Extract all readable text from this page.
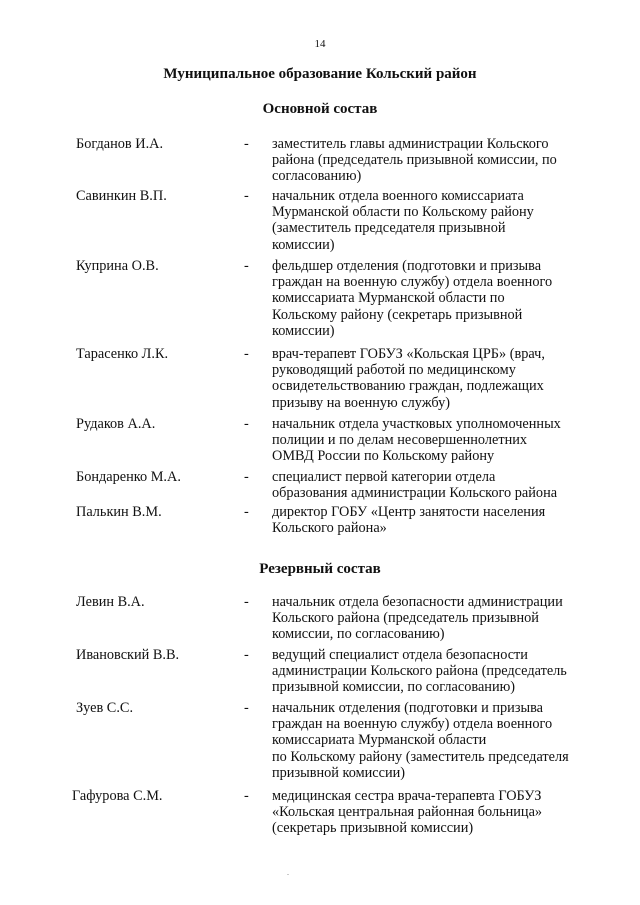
14
Муниципальное образование Кольский район
Основной состав
Богданов И.А.	- заместитель главы администрации Кольского
района (председатель призывной комиссии, по
согласованию)
Савинкин В.П.	- начальник отдела военного комиссариата
Мурманской области по Кольскому району
(заместитель председателя призывной
комиссии)
Куприна О.В.	- фельдшер отделения (подготовки и призыва
граждан на военную службу) отдела военного
комиссариата Мурманской области по
Кольскому району (секретарь призывной
комиссии)
Тарасенко Л.К.	- врач-терапевт ГОБУЗ «Кольская ЦРБ» (врач,
руководящий работой по медицинскому
освидетельствованию граждан, подлежащих
призыву на военную службу)
Рудаков А.А.	- начальник отдела участковых уполномоченных
полиции и по делам несовершеннолетних
ОМВД России по Кольскому району
Бондаренко М.А.	- специалист первой категории отдела
образования администрации Кольского района
Палькин В.М.	- директор ГОБУ «Центр занятости населения
Кольского района»
Резервный состав
Левин В.А.	- начальник отдела безопасности администрации
Кольского района (председатель призывной
комиссии, по согласованию)
Ивановский В.В.	- ведущий специалист отдела безопасности
администрации Кольского района (председатель
призывной комиссии, по согласованию)
Зуев С.С.	- начальник отделения (подготовки и призыва
граждан на военную службу) отдела военного
комиссариата Мурманской области
по Кольскому району (заместитель председателя
призывной комиссии)
Гафурова С.М.	- медицинская сестра врача-терапевта ГОБУЗ
«Кольская центральная районная больница»
(секретарь призывной комиссии)
.
